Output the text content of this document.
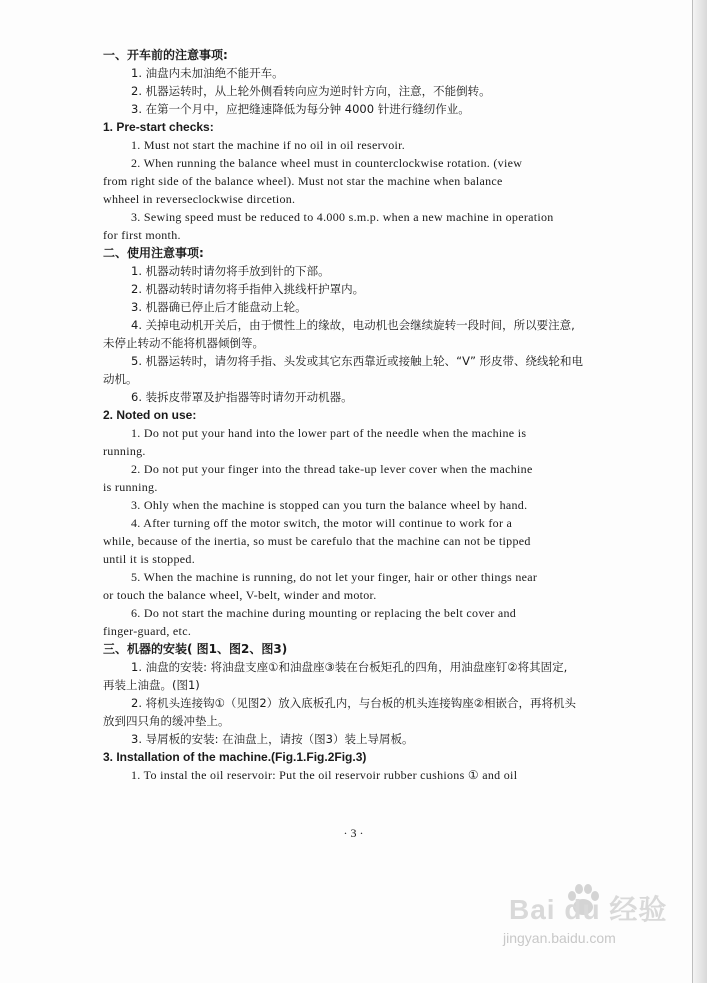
一、开车前的注意事项:
1. 油盘内未加油绝不能开车。
2. 机器运转时，从上轮外侧看转向应为逆时针方向，注意，不能倒转。
3. 在第一个月中，应把缝速降低为每分钟 4000 针进行缝纫作业。
1. Pre-start checks:
1. Must not start the machine if no oil in oil reservoir.
2. When running the balance wheel must in counterclockwise rotation. (view
from right side of the balance wheel). Must not star the machine when balance
whheel in reverseclockwise dircetion.
3. Sewing speed must be reduced to 4.000 s.m.p. when a new machine in operation
for first month.
二、使用注意事项:
1. 机器动转时请勿将手放到针的下部。
2. 机器动转时请勿将手指伸入挑线杆护罩内。
3. 机器确已停止后才能盘动上轮。
4. 关掉电动机开关后，由于惯性上的缘故，电动机也会继续旋转一段时间，所以要注意,
未停止转动不能将机器倾倒等。
5. 机器运转时，请勿将手指、头发或其它东西靠近或接触上轮、“V” 形皮带、绕线轮和电
动机。
6. 装拆皮带罩及护指器等时请勿开动机器。
2. Noted on use:
1. Do not put your hand into the lower part of the needle when the machine is
running.
2. Do not put your finger into the thread take-up lever cover when the machine
is running.
3. Ohly when the machine is stopped can you turn the balance wheel by hand.
4. After turning off the motor switch, the motor will continue to work for a
while, because of the inertia, so must be carefulo that the machine can not be tipped
until it is stopped.
5. When the machine is running, do not let your finger, hair or other things near
or touch the balance wheel, V-belt, winder and motor.
6. Do not start the machine during mounting or replacing the belt cover and
finger-guard, etc.
三、机器的安装( 图1、图2、图3)
1. 油盘的安装: 将油盘支座①和油盘座③装在台板矩孔的四角，用油盘座钉②将其固定,
再装上油盘。(图1)
2. 将机头连接钩①（见图2）放入底板孔内，与台板的机头连接钩座②相嵌合，再将机头
放到四只角的缓冲垫上。
3. 导屑板的安装: 在油盘上，请按（图3）装上导屑板。
3. Installation of the machine.(Fig.1.Fig.2Fig.3)
1. To instal the oil reservoir: Put the oil reservoir rubber cushions ① and oil
· 3 ·
Bai du 经验
jingyan.baidu.com
